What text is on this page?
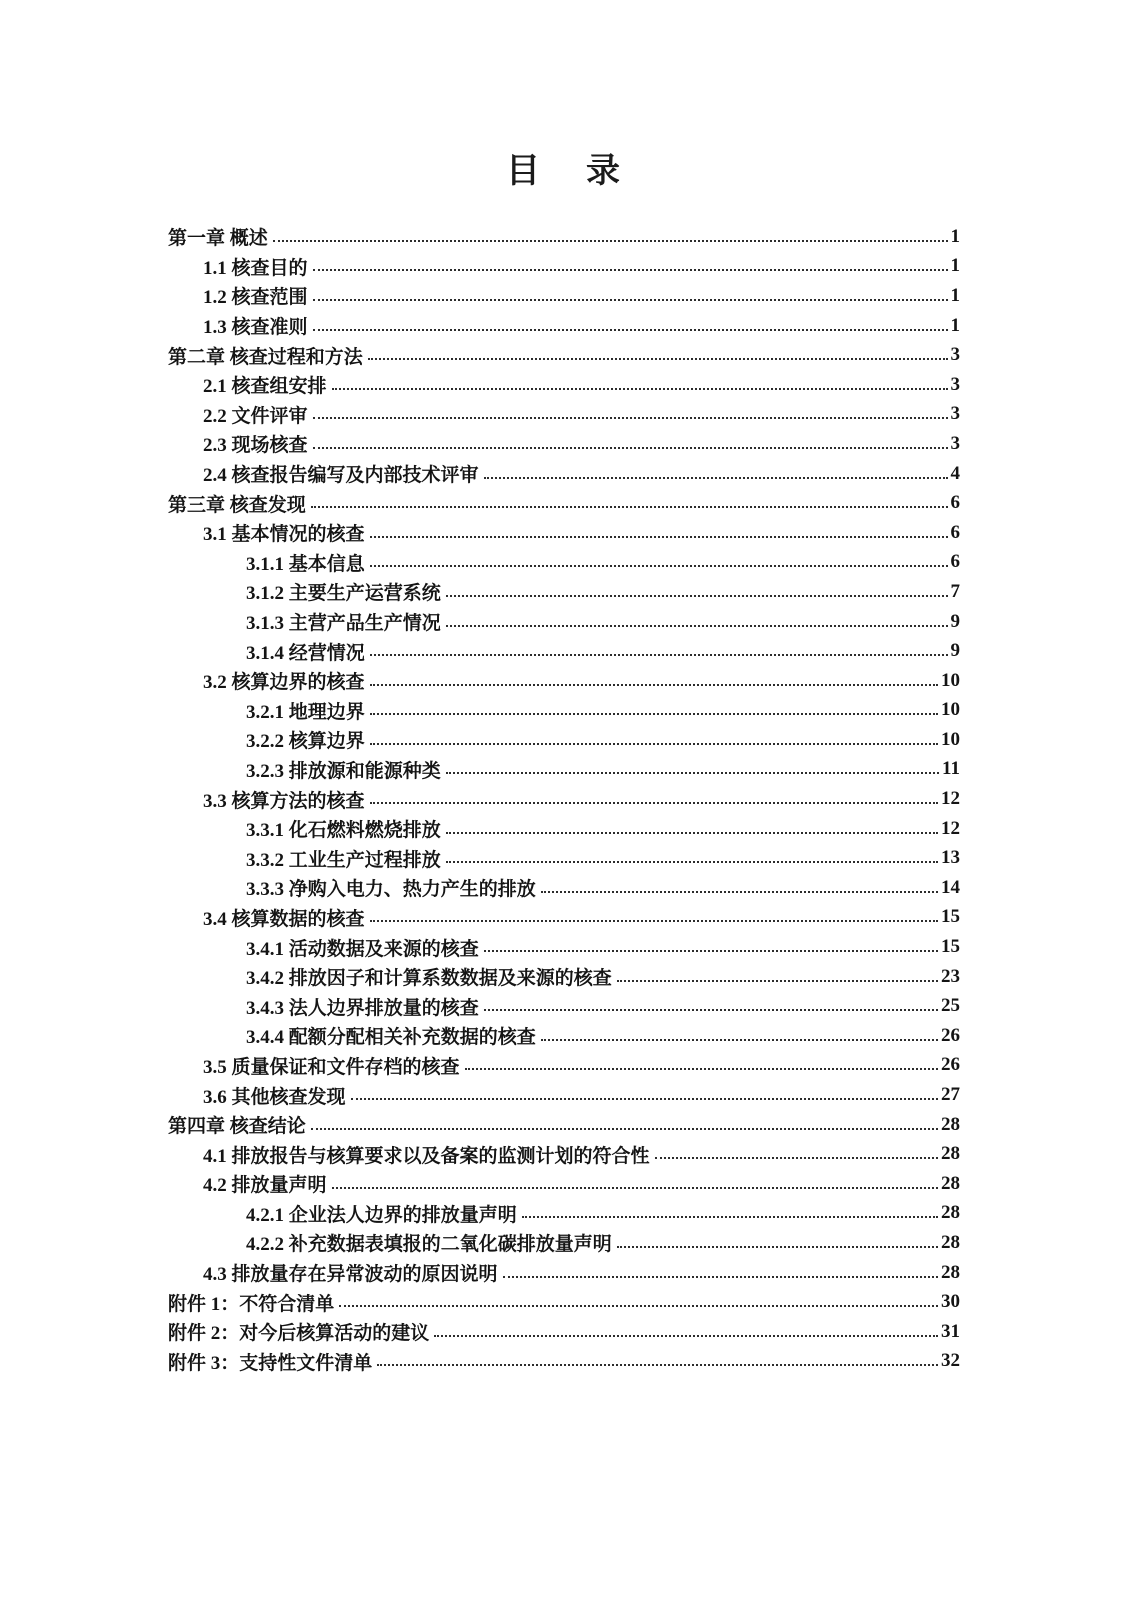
目　录
第一章 概述	1
1.1 核查目的	1
1.2 核查范围	1
1.3 核查准则	1
第二章 核查过程和方法	3
2.1 核查组安排	3
2.2 文件评审	3
2.3 现场核查	3
2.4 核查报告编写及内部技术评审	4
第三章 核查发现	6
3.1 基本情况的核查	6
3.1.1 基本信息	6
3.1.2 主要生产运营系统	7
3.1.3 主营产品生产情况	9
3.1.4 经营情况	9
3.2 核算边界的核查	10
3.2.1 地理边界	10
3.2.2 核算边界	10
3.2.3 排放源和能源种类	11
3.3 核算方法的核查	12
3.3.1 化石燃料燃烧排放	12
3.3.2 工业生产过程排放	13
3.3.3 净购入电力、热力产生的排放	14
3.4 核算数据的核查	15
3.4.1 活动数据及来源的核查	15
3.4.2 排放因子和计算系数数据及来源的核查	23
3.4.3 法人边界排放量的核查	25
3.4.4 配额分配相关补充数据的核查	26
3.5 质量保证和文件存档的核查	26
3.6 其他核查发现	27
第四章 核查结论	28
4.1 排放报告与核算要求以及备案的监测计划的符合性	28
4.2 排放量声明	28
4.2.1 企业法人边界的排放量声明	28
4.2.2 补充数据表填报的二氧化碳排放量声明	28
4.3 排放量存在异常波动的原因说明	28
附件 1：不符合清单	30
附件 2：对今后核算活动的建议	31
附件 3：支持性文件清单	32
